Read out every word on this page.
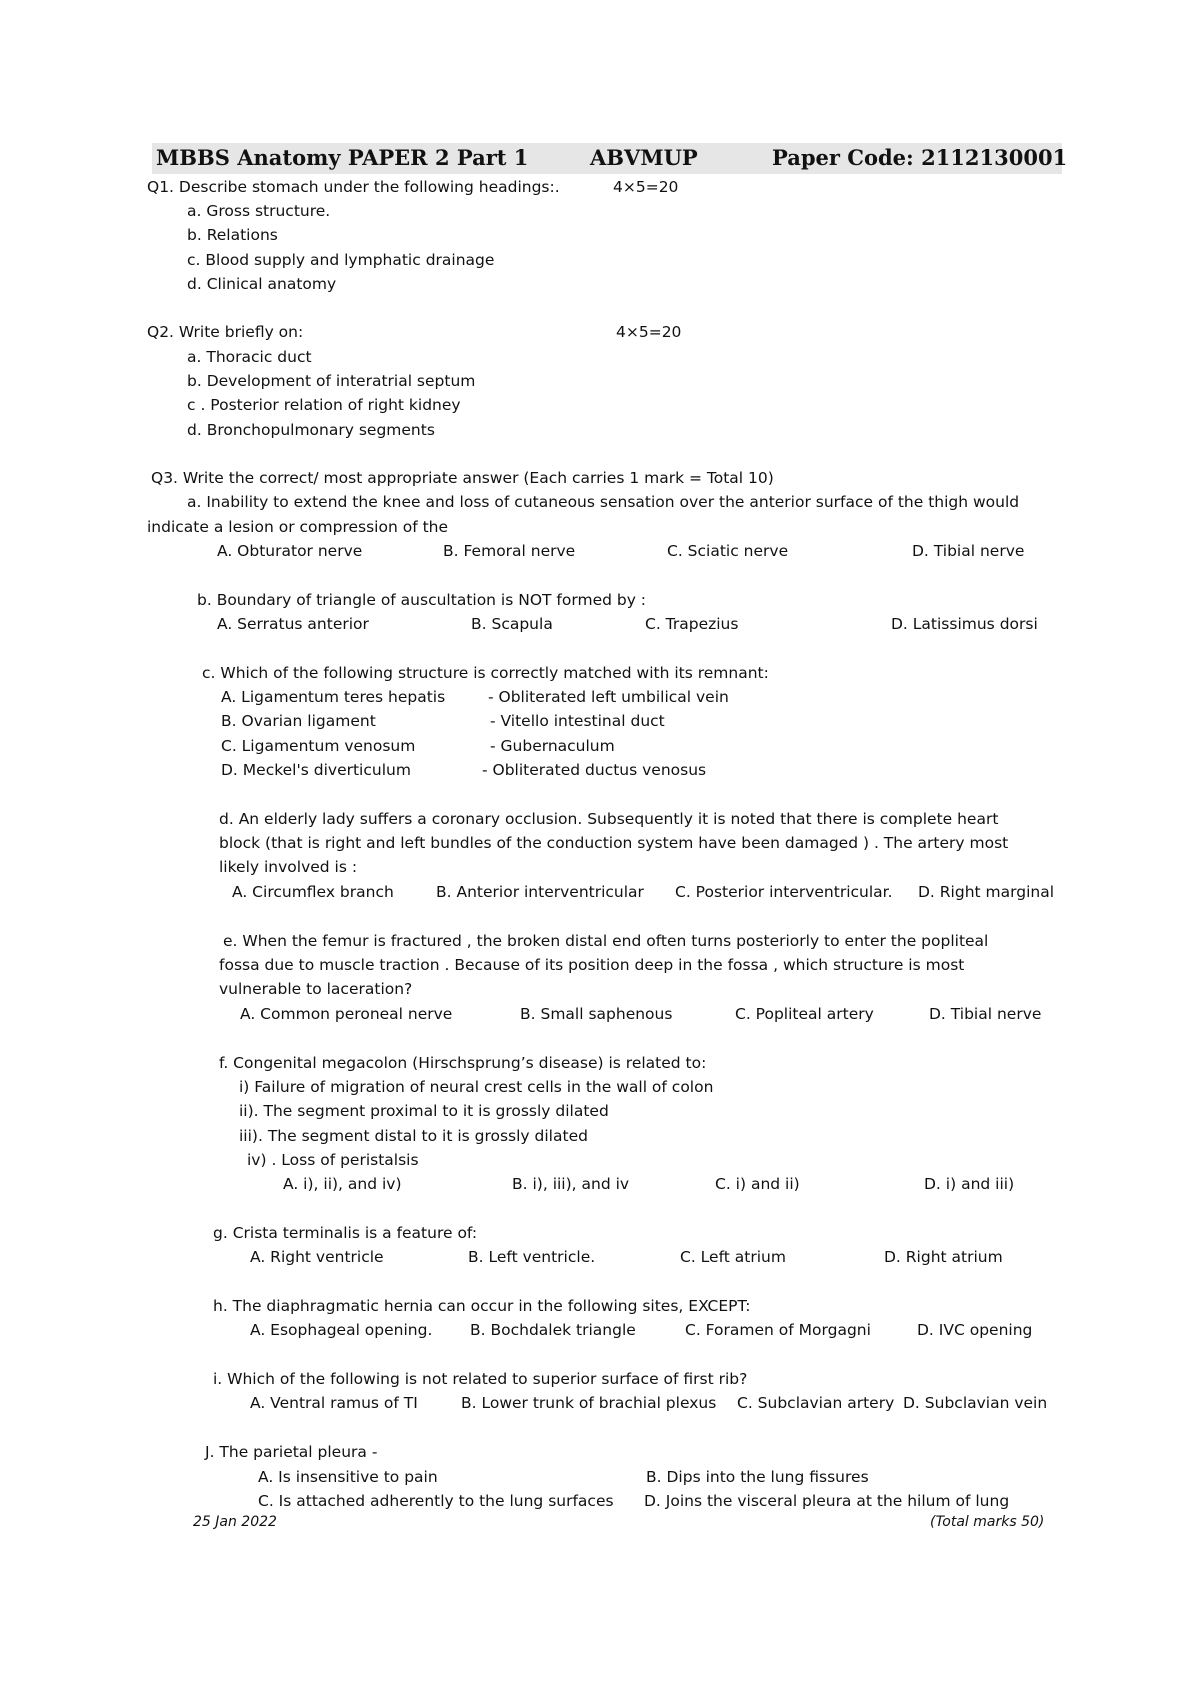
MBBS Anatomy PAPER 2 Part 1	ABVMUP	Paper Code: 2112130001
Q1. Describe stomach under the following headings:.	4×5=20
a. Gross structure.
b. Relations
c. Blood supply and lymphatic drainage
d. Clinical anatomy
Q2. Write briefly on:	4×5=20
a. Thoracic duct
b. Development of interatrial septum
c . Posterior relation of right kidney
d. Bronchopulmonary segments
Q3. Write the correct/ most appropriate answer (Each carries 1 mark = Total 10)
a. Inability to extend the knee and loss of cutaneous sensation over the anterior surface of the thigh would
indicate a lesion or compression of the
A. Obturator nerve	B. Femoral nerve	C. Sciatic nerve	D. Tibial nerve
b. Boundary of triangle of auscultation is NOT formed by :
A. Serratus anterior	B. Scapula	C. Trapezius	D. Latissimus dorsi
c. Which of the following structure is correctly matched with its remnant:
A. Ligamentum teres hepatis	- Obliterated left umbilical vein
B. Ovarian ligament	- Vitello intestinal duct
C. Ligamentum venosum	- Gubernaculum
D. Meckel's diverticulum	- Obliterated ductus venosus
d. An elderly lady suffers a coronary occlusion. Subsequently it is noted that there is complete heart
block (that is right and left bundles of the conduction system have been damaged ) . The artery most
likely involved is :
A. Circumflex branch	B. Anterior interventricular C. Posterior interventricular. D. Right marginal
e. When the femur is fractured , the broken distal end often turns posteriorly to enter the popliteal
fossa due to muscle traction . Because of its position deep in the fossa , which structure is most
vulnerable to laceration?
A. Common peroneal nerve	B. Small saphenous	C. Popliteal artery	D. Tibial nerve
f. Congenital megacolon (Hirschsprung’s disease) is related to:
i) Failure of migration of neural crest cells in the wall of colon
ii). The segment proximal to it is grossly dilated
iii). The segment distal to it is grossly dilated
iv) . Loss of peristalsis
A. i), ii), and iv)	B. i), iii), and iv	C. i) and ii)	D. i) and iii)
g. Crista terminalis is a feature of:
A. Right ventricle	B. Left ventricle.	C. Left atrium	D. Right atrium
h. The diaphragmatic hernia can occur in the following sites, EXCEPT:
A. Esophageal opening. B. Bochdalek triangle	C. Foramen of Morgagni	D. IVC opening
i. Which of the following is not related to superior surface of first rib?
A. Ventral ramus of TI	B. Lower trunk of brachial plexus C. Subclavian artery D. Subclavian vein
J. The parietal pleura -
A. Is insensitive to pain	B. Dips into the lung fissures
C. Is attached adherently to the lung surfaces D. Joins the visceral pleura at the hilum of lung
25 Jan 2022	(Total marks 50)
